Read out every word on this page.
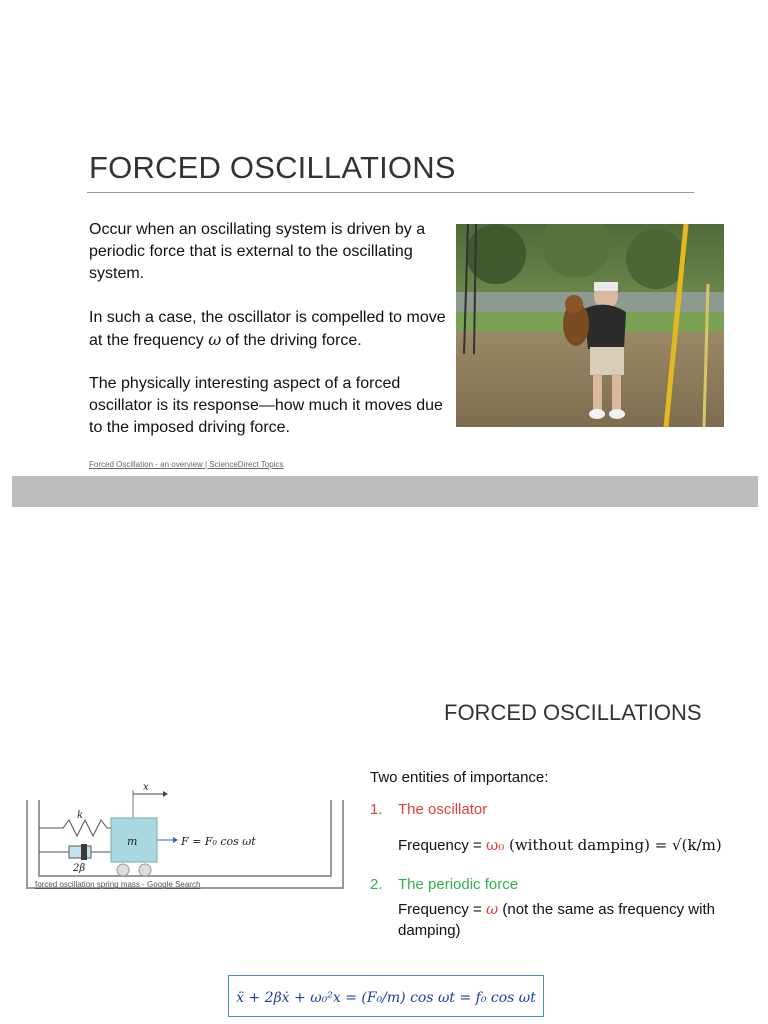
FORCED OSCILLATIONS
Occur when an oscillating system is driven by a periodic force that is external to the oscillating system.
In such a case, the oscillator is compelled to move at the frequency ω of the driving force.
The physically interesting aspect of a forced oscillator is its response—how much it moves due to the imposed driving force.
Forced Oscillation - an overview | ScienceDirect Topics
FORCED OSCILLATIONS
x
k
2β
m	F = F₀ cos ωt
forced oscillation spring mass - Google Search
Two entities of importance:
1. The oscillator
Frequency = ω₀ (without damping) = √(k/m)
2. The periodic force
Frequency = ω (not the same as frequency with damping)
ẍ + 2βẋ + ω₀²x = (F₀/m) cos ωt = f₀ cos ωt
